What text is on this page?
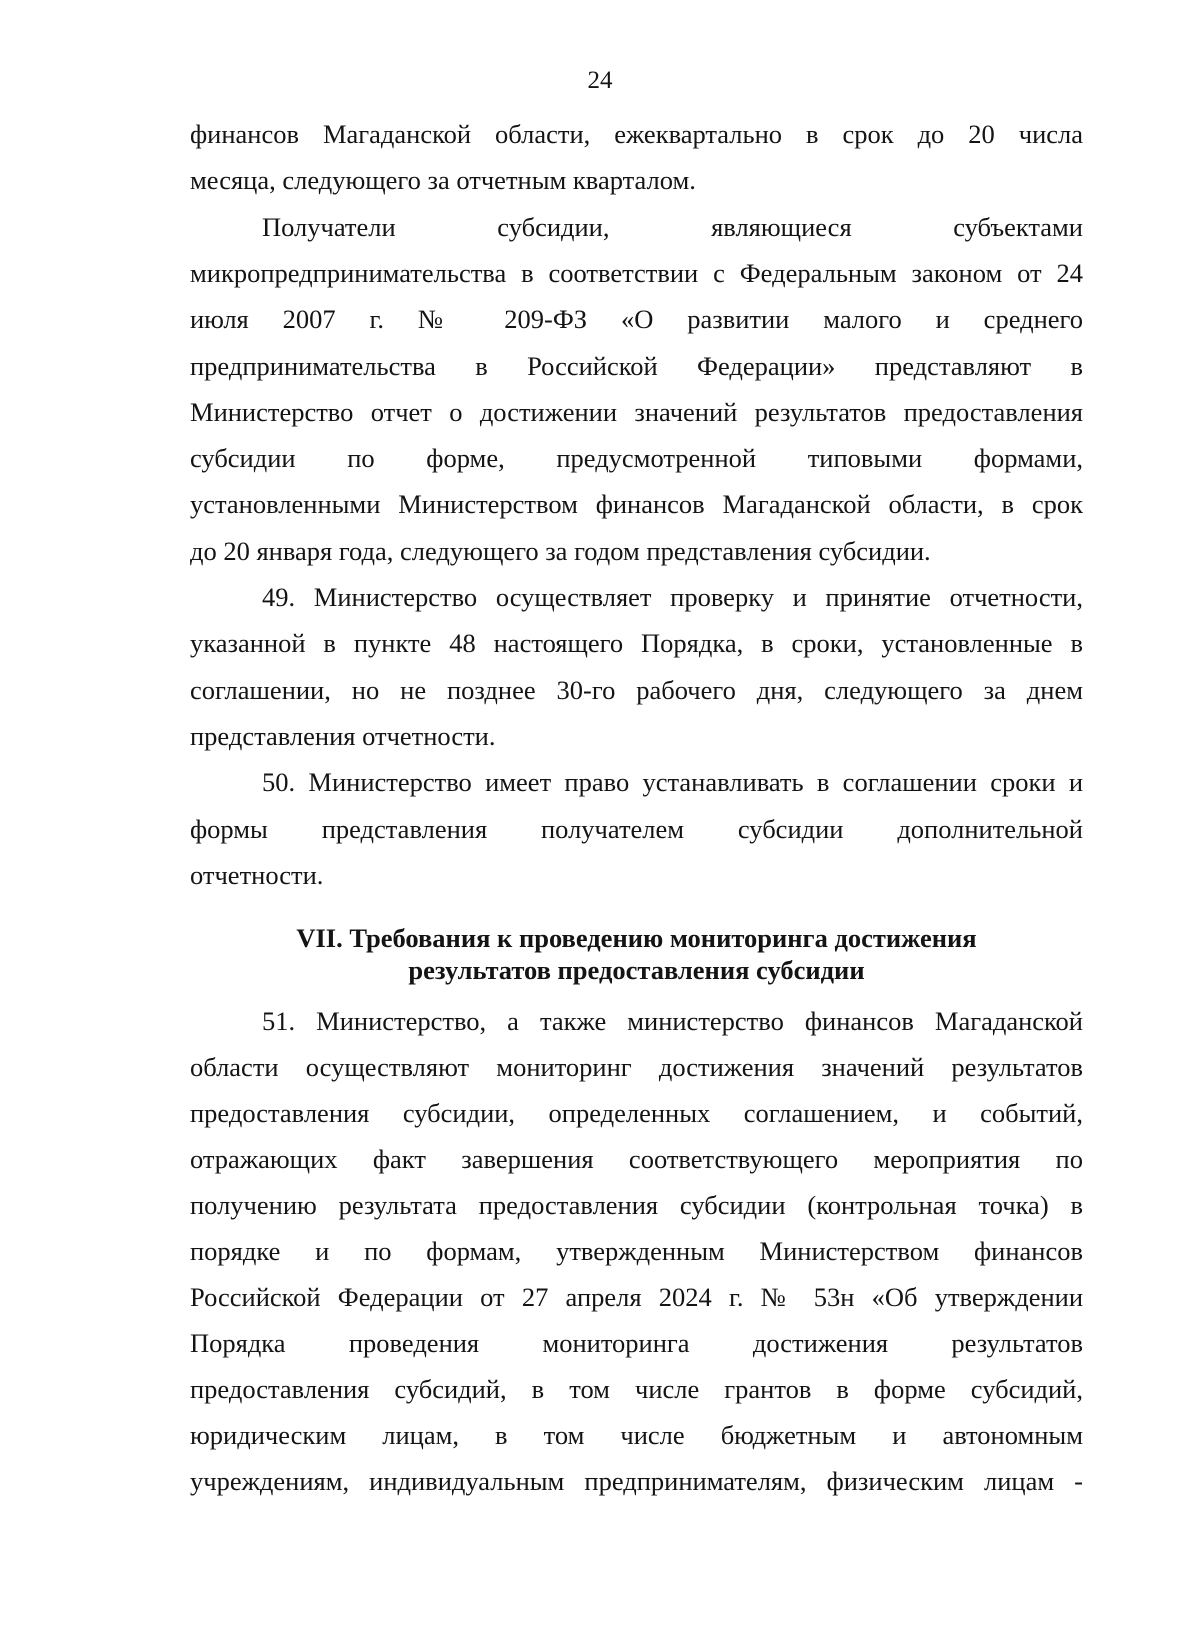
24
финансов Магаданской области, ежеквартально в срок до 20 числа
месяца, следующего за отчетным кварталом.
Получатели субсидии, являющиеся субъектами
микропредпринимательства в соответствии с Федеральным законом от 24
июля 2007 г. № 209-ФЗ «О развитии малого и среднего
предпринимательства в Российской Федерации» представляют в
Министерство отчет о достижении значений результатов предоставления
субсидии по форме, предусмотренной типовыми формами,
установленными Министерством финансов Магаданской области, в срок
до 20 января года, следующего за годом представления субсидии.
49. Министерство осуществляет проверку и принятие отчетности,
указанной в пункте 48 настоящего Порядка, в сроки, установленные в
соглашении, но не позднее 30-го рабочего дня, следующего за днем
представления отчетности.
50. Министерство имеет право устанавливать в соглашении сроки и
формы представления получателем субсидии дополнительной
отчетности.
VII. Требования к проведению мониторинга достижения
результатов предоставления субсидии
51. Министерство, а также министерство финансов Магаданской
области осуществляют мониторинг достижения значений результатов
предоставления субсидии, определенных соглашением, и событий,
отражающих факт завершения соответствующего мероприятия по
получению результата предоставления субсидии (контрольная точка) в
порядке и по формам, утвержденным Министерством финансов
Российской Федерации от 27 апреля 2024 г. № 53н «Об утверждении
Порядка проведения мониторинга достижения результатов
предоставления субсидий, в том числе грантов в форме субсидий,
юридическим лицам, в том числе бюджетным и автономным
учреждениям, индивидуальным предпринимателям, физическим лицам -
